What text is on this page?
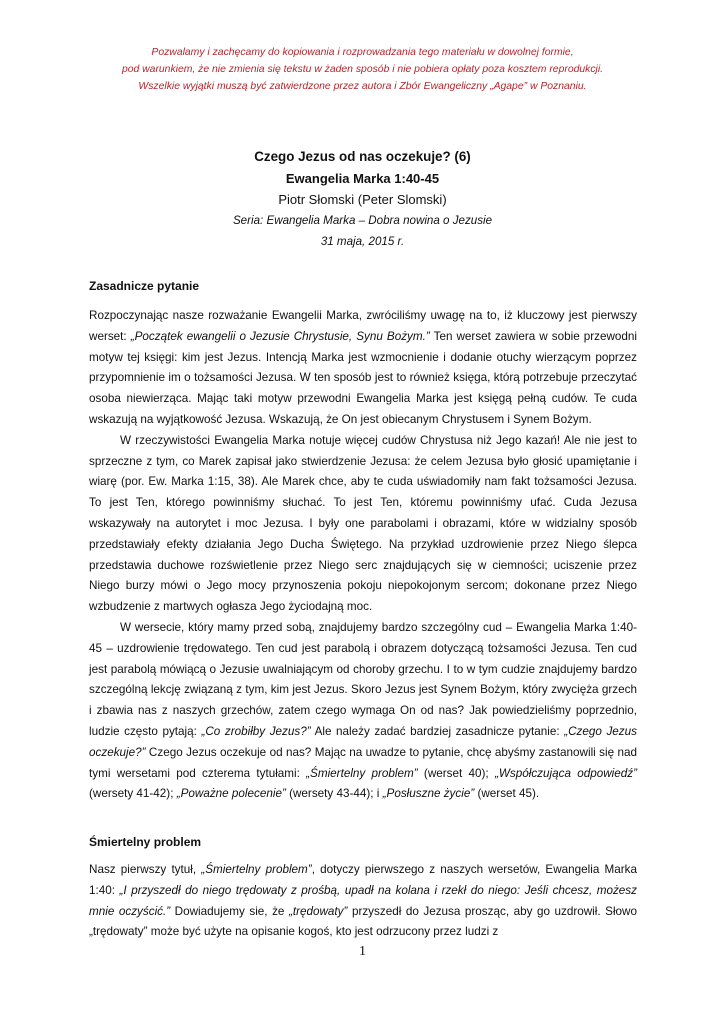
Pozwalamy i zachęcamy do kopiowania i rozprowadzania tego materiału w dowolnej formie,
pod warunkiem, że nie zmienia się tekstu w żaden sposób i nie pobiera opłaty poza kosztem reprodukcji.
Wszelkie wyjątki muszą być zatwierdzone przez autora i Zbór Ewangeliczny „Agape” w Poznaniu.
Czego Jezus od nas oczekuje? (6)
Ewangelia Marka 1:40-45
Piotr Słomski (Peter Slomski)
Seria: Ewangelia Marka – Dobra nowina o Jezusie
31 maja, 2015 r.

Zasadnicze pytanie

Rozpoczynając nasze rozważanie Ewangelii Marka, zwróciliśmy uwagę na to, iż kluczowy jest pierwszy werset: „Początek ewangelii o Jezusie Chrystusie, Synu Bożym.” Ten werset zawiera w sobie przewodni motyw tej księgi: kim jest Jezus. Intencją Marka jest wzmocnienie i dodanie otuchy wierzącym poprzez przypomnienie im o tożsamości Jezusa. W ten sposób jest to również księga, którą potrzebuje przeczytać osoba niewierząca. Mając taki motyw przewodni Ewangelia Marka jest księgą pełną cudów. Te cuda wskazują na wyjątkowość Jezusa. Wskazują, że On jest obiecanym Chrystusem i Synem Bożym.

W rzeczywistości Ewangelia Marka notuje więcej cudów Chrystusa niż Jego kazań! Ale nie jest to sprzeczne z tym, co Marek zapisał jako stwierdzenie Jezusa: że celem Jezusa było głosić upamiętanie i wiarę (por. Ew. Marka 1:15, 38). Ale Marek chce, aby te cuda uświadomiły nam fakt tożsamości Jezusa. To jest Ten, którego powinniśmy słuchać. To jest Ten, któremu powinniśmy ufać. Cuda Jezusa wskazywały na autorytet i moc Jezusa. I były one parabolami i obrazami, które w widzialny sposób przedstawiały efekty działania Jego Ducha Świętego. Na przykład uzdrowienie przez Niego ślepca przedstawia duchowe rozświetlenie przez Niego serc znajdujących się w ciemności; uciszenie przez Niego burzy mówi o Jego mocy przynoszenia pokoju niepokojonym sercom; dokonane przez Niego wzbudzenie z martwych ogłasza Jego życiodajną moc.

W wersecie, który mamy przed sobą, znajdujemy bardzo szczególny cud – Ewangelia Marka 1:40-45 – uzdrowienie trędowatego. Ten cud jest parabolą i obrazem dotyczącą tożsamości Jezusa. Ten cud jest parabolą mówiącą o Jezusie uwalniającym od choroby grzechu. I to w tym cudzie znajdujemy bardzo szczególną lekcję związaną z tym, kim jest Jezus. Skoro Jezus jest Synem Bożym, który zwycięża grzech i zbawia nas z naszych grzechów, zatem czego wymaga On od nas? Jak powiedzieliśmy poprzednio, ludzie często pytają: „Co zrobiłby Jezus?” Ale należy zadać bardziej zasadnicze pytanie: „Czego Jezus oczekuje?” Czego Jezus oczekuje od nas? Mając na uwadze to pytanie, chcę abyśmy zastanowili się nad tymi wersetami pod czterema tytułami: „Śmiertelny problem” (werset 40); „Współczująca odpowiedź” (wersety 41-42); „Poważne polecenie” (wersety 43-44); i „Posłuszne życie” (werset 45).

Śmiertelny problem

Nasz pierwszy tytuł, „Śmiertelny problem”, dotyczy pierwszego z naszych wersetów, Ewangelia Marka 1:40: „I przyszedł do niego trędowaty z prośbą, upadł na kolana i rzekł do niego: Jeśli chcesz, możesz mnie oczyścić.” Dowiadujemy sie, że „trędowaty” przyszedł do Jezusa prosząc, aby go uzdrowił. Słowo „trędowaty” może być użyte na opisanie kogoś, kto jest odrzucony przez ludzi z

1
